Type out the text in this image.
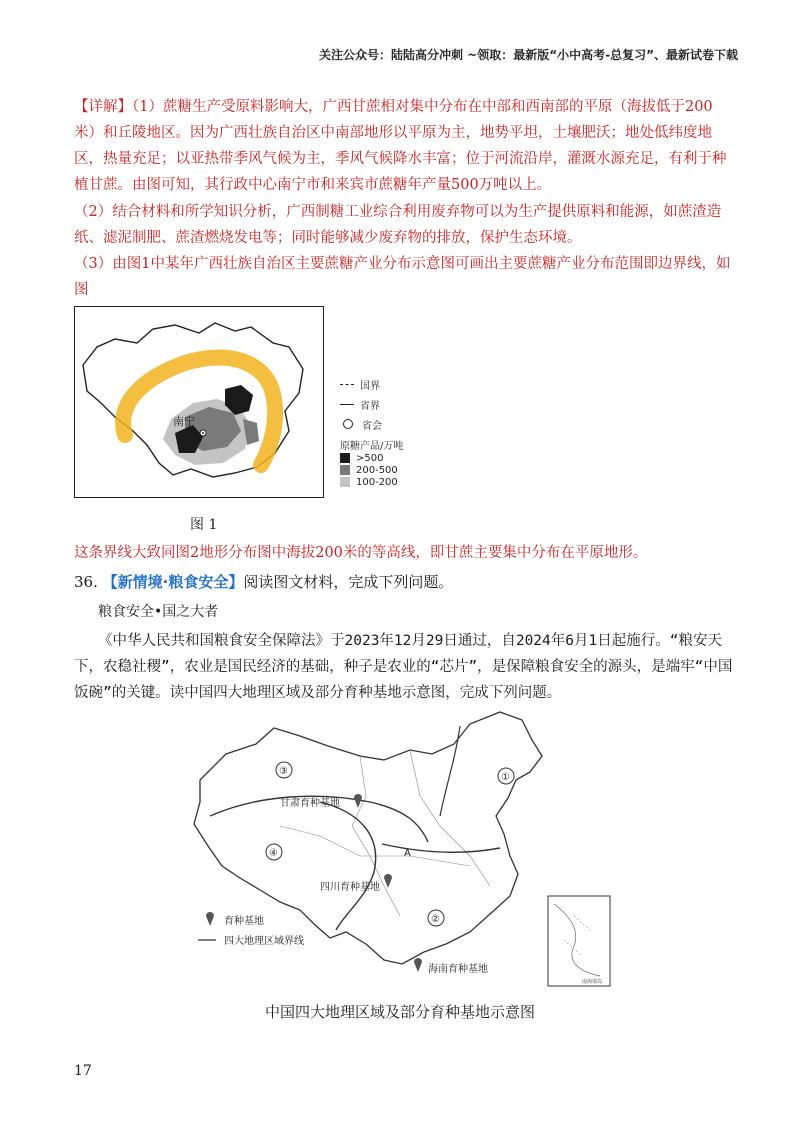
关注公众号：陆陆高分冲刺 ~领取：最新版“小中高考-总复习”、最新试卷下载
【详解】（1）蔗糖生产受原料影响大，广西甘蔗相对集中分布在中部和西南部的平原（海拔低于200米）和丘陵地区。因为广西壮族自治区中南部地形以平原为主，地势平坦，土壤肥沃；地处低纬度地区，热量充足；以亚热带季风气候为主，季风气候降水丰富；位于河流沿岸，灌溉水源充足，有利于种植甘蔗。由图可知，其行政中心南宁市和来宾市蔗糖年产量500万吨以上。
（2）结合材料和所学知识分析，广西制糖工业综合利用废弃物可以为生产提供原料和能源，如蔗渣造纸、滤泥制肥、蔗渣燃烧发电等；同时能够减少废弃物的排放，保护生态环境。
（3）由图1中某年广西壮族自治区主要蔗糖产业分布示意图可画出主要蔗糖产业分布范围即边界线，如图
南宁
国界
省界
省会
原糖产品/万吨
>500
200-500
100-200
图 1
这条界线大致同图2地形分布图中海拔200米的等高线，即甘蔗主要集中分布在平原地形。
36. 【新情境·粮食安全】阅读图文材料，完成下列问题。
粮食安全•国之大者
《中华人民共和国粮食安全保障法》于2023年12月29日通过，自2024年6月1日起施行。“粮安天下，农稳社稷”，农业是国民经济的基础，种子是农业的“芯片”，是保障粮食安全的源头，是端牢“中国饭碗”的关键。读中国四大地理区域及部分育种基地示意图，完成下列问题。
③
①
④
②
甘肃育种基地
四川育种基地
A
海南育种基地
育种基地
四大地理区域界线
南海诸岛
中国四大地理区域及部分育种基地示意图
17
